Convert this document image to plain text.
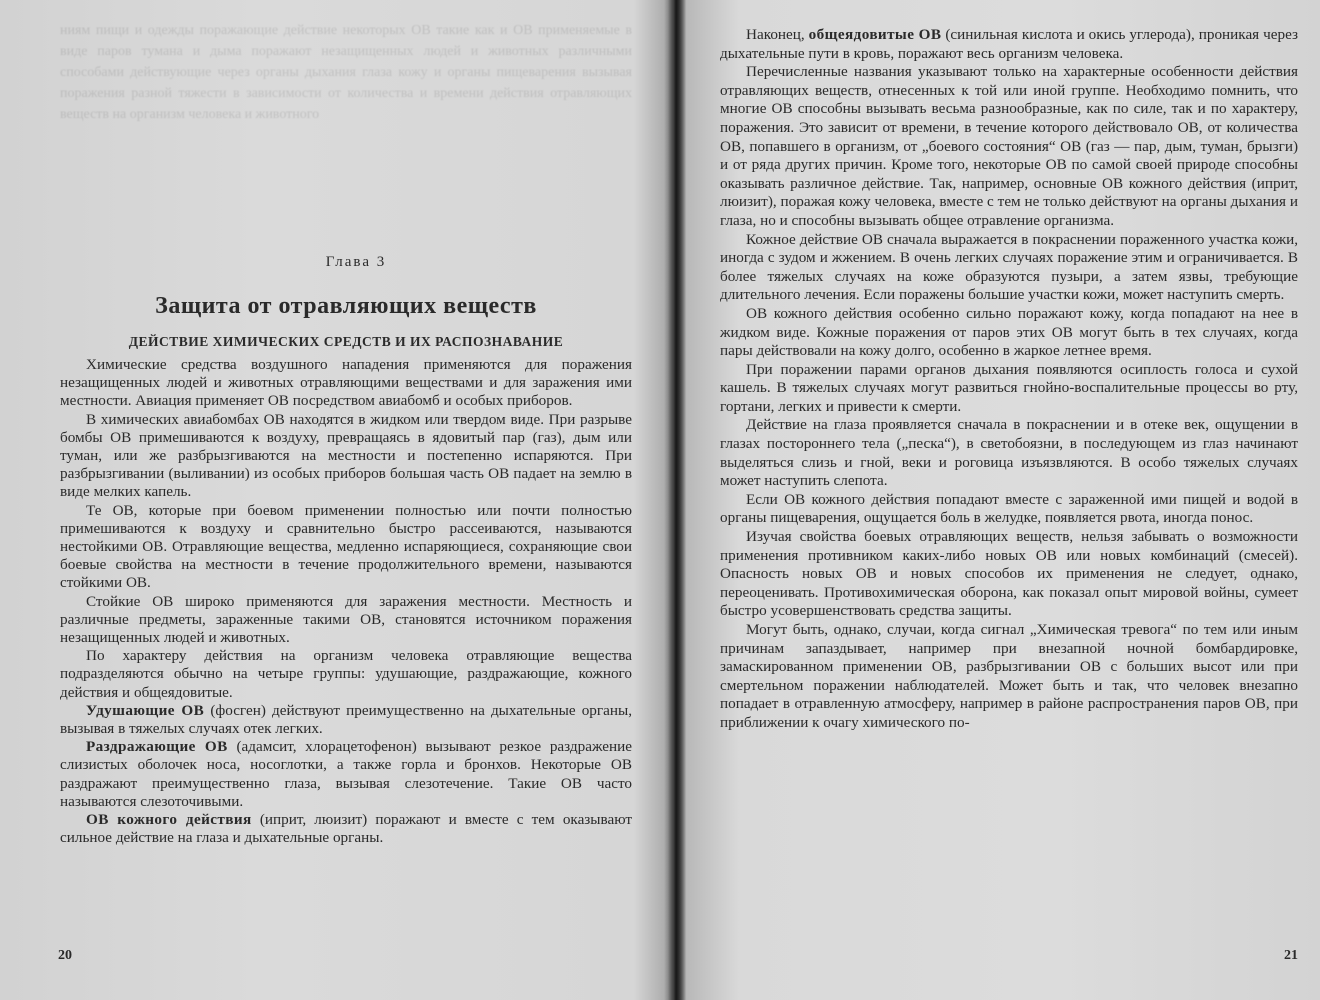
ниям пищи и одежды поражающие действие некоторых ОВ такие как и ОВ применяемые в виде паров тумана и дыма поражают незащищенных людей и животных различными способами действующие через органы дыхания глаза кожу и органы пищеварения вызывая поражения разной тяжести в зависимости от количества и времени действия отравляющих веществ на организм человека и животного
Глава 3
Защита от отравляющих веществ
ДЕЙСТВИЕ ХИМИЧЕСКИХ СРЕДСТВ И ИХ РАСПОЗНАВАНИЕ

Химические средства воздушного нападения применяются для поражения незащищенных людей и животных отравляющими веществами и для заражения ими местности. Авиация применяет ОВ посредством авиабомб и особых приборов.

В химических авиабомбах ОВ находятся в жидком или твердом виде. При разрыве бомбы ОВ примешиваются к воздуху, превращаясь в ядовитый пар (газ), дым или туман, или же разбрызгиваются на местности и постепенно испаряются. При разбрызгивании (выливании) из особых приборов большая часть ОВ падает на землю в виде мелких капель.

Те ОВ, которые при боевом применении полностью или почти полностью примешиваются к воздуху и сравнительно быстро рассеиваются, называются нестойкими ОВ. Отравляющие вещества, медленно испаряющиеся, сохраняющие свои боевые свойства на местности в течение продолжительного времени, называются стойкими ОВ.

Стойкие ОВ широко применяются для заражения местности. Местность и различные предметы, зараженные такими ОВ, становятся источником поражения незащищенных людей и животных.

По характеру действия на организм человека отравляющие вещества подразделяются обычно на четыре группы: удушающие, раздражающие, кожного действия и общеядовитые.

Удушающие ОВ (фосген) действуют преимущественно на дыхательные органы, вызывая в тяжелых случаях отек легких.

Раздражающие ОВ (адамсит, хлорацетофенон) вызывают резкое раздражение слизистых оболочек носа, носоглотки, а также горла и бронхов. Некоторые ОВ раздражают преимущественно глаза, вызывая слезотечение. Такие ОВ часто называются слезоточивыми.

ОВ кожного действия (иприт, люизит) поражают и вместе с тем оказывают сильное действие на глаза и дыхательные органы.

20

Наконец, общеядовитые ОВ (синильная кислота и окись углерода), проникая через дыхательные пути в кровь, поражают весь организм человека.

Перечисленные названия указывают только на характерные особенности действия отравляющих веществ, отнесенных к той или иной группе. Необходимо помнить, что многие ОВ способны вызывать весьма разнообразные, как по силе, так и по характеру, поражения. Это зависит от времени, в течение которого действовало ОВ, от количества ОВ, попавшего в организм, от „боевого состояния“ ОВ (газ — пар, дым, туман, брызги) и от ряда других причин. Кроме того, некоторые ОВ по самой своей природе способны оказывать различное действие. Так, например, основные ОВ кожного действия (иприт, люизит), поражая кожу человека, вместе с тем не только действуют на органы дыхания и глаза, но и способны вызывать общее отравление организма.

Кожное действие ОВ сначала выражается в покраснении пораженного участка кожи, иногда с зудом и жжением. В очень легких случаях поражение этим и ограничивается. В более тяжелых случаях на коже образуются пузыри, а затем язвы, требующие длительного лечения. Если поражены большие участки кожи, может наступить смерть.

ОВ кожного действия особенно сильно поражают кожу, когда попадают на нее в жидком виде. Кожные поражения от паров этих ОВ могут быть в тех случаях, когда пары действовали на кожу долго, особенно в жаркое летнее время.

При поражении парами органов дыхания появляются осиплость голоса и сухой кашель. В тяжелых случаях могут развиться гнойно-воспалительные процессы во рту, гортани, легких и привести к смерти.

Действие на глаза проявляется сначала в покраснении и в отеке век, ощущении в глазах постороннего тела („песка“), в светобоязни, в последующем из глаз начинают выделяться слизь и гной, веки и роговица изъязвляются. В особо тяжелых случаях может наступить слепота.

Если ОВ кожного действия попадают вместе с зараженной ими пищей и водой в органы пищеварения, ощущается боль в желудке, появляется рвота, иногда понос.

Изучая свойства боевых отравляющих веществ, нельзя забывать о возможности применения противником каких-либо новых ОВ или новых комбинаций (смесей). Опасность новых ОВ и новых способов их применения не следует, однако, переоценивать. Противохимическая оборона, как показал опыт мировой войны, сумеет быстро усовершенствовать средства защиты.

Могут быть, однако, случаи, когда сигнал „Химическая тревога“ по тем или иным причинам запаздывает, например при внезапной ночной бомбардировке, замаскированном применении ОВ, разбрызгивании ОВ с больших высот или при смертельном поражении наблюдателей. Может быть и так, что человек внезапно попадает в отравленную атмосферу, например в районе распространения паров ОВ, при приближении к очагу химического по-

21
